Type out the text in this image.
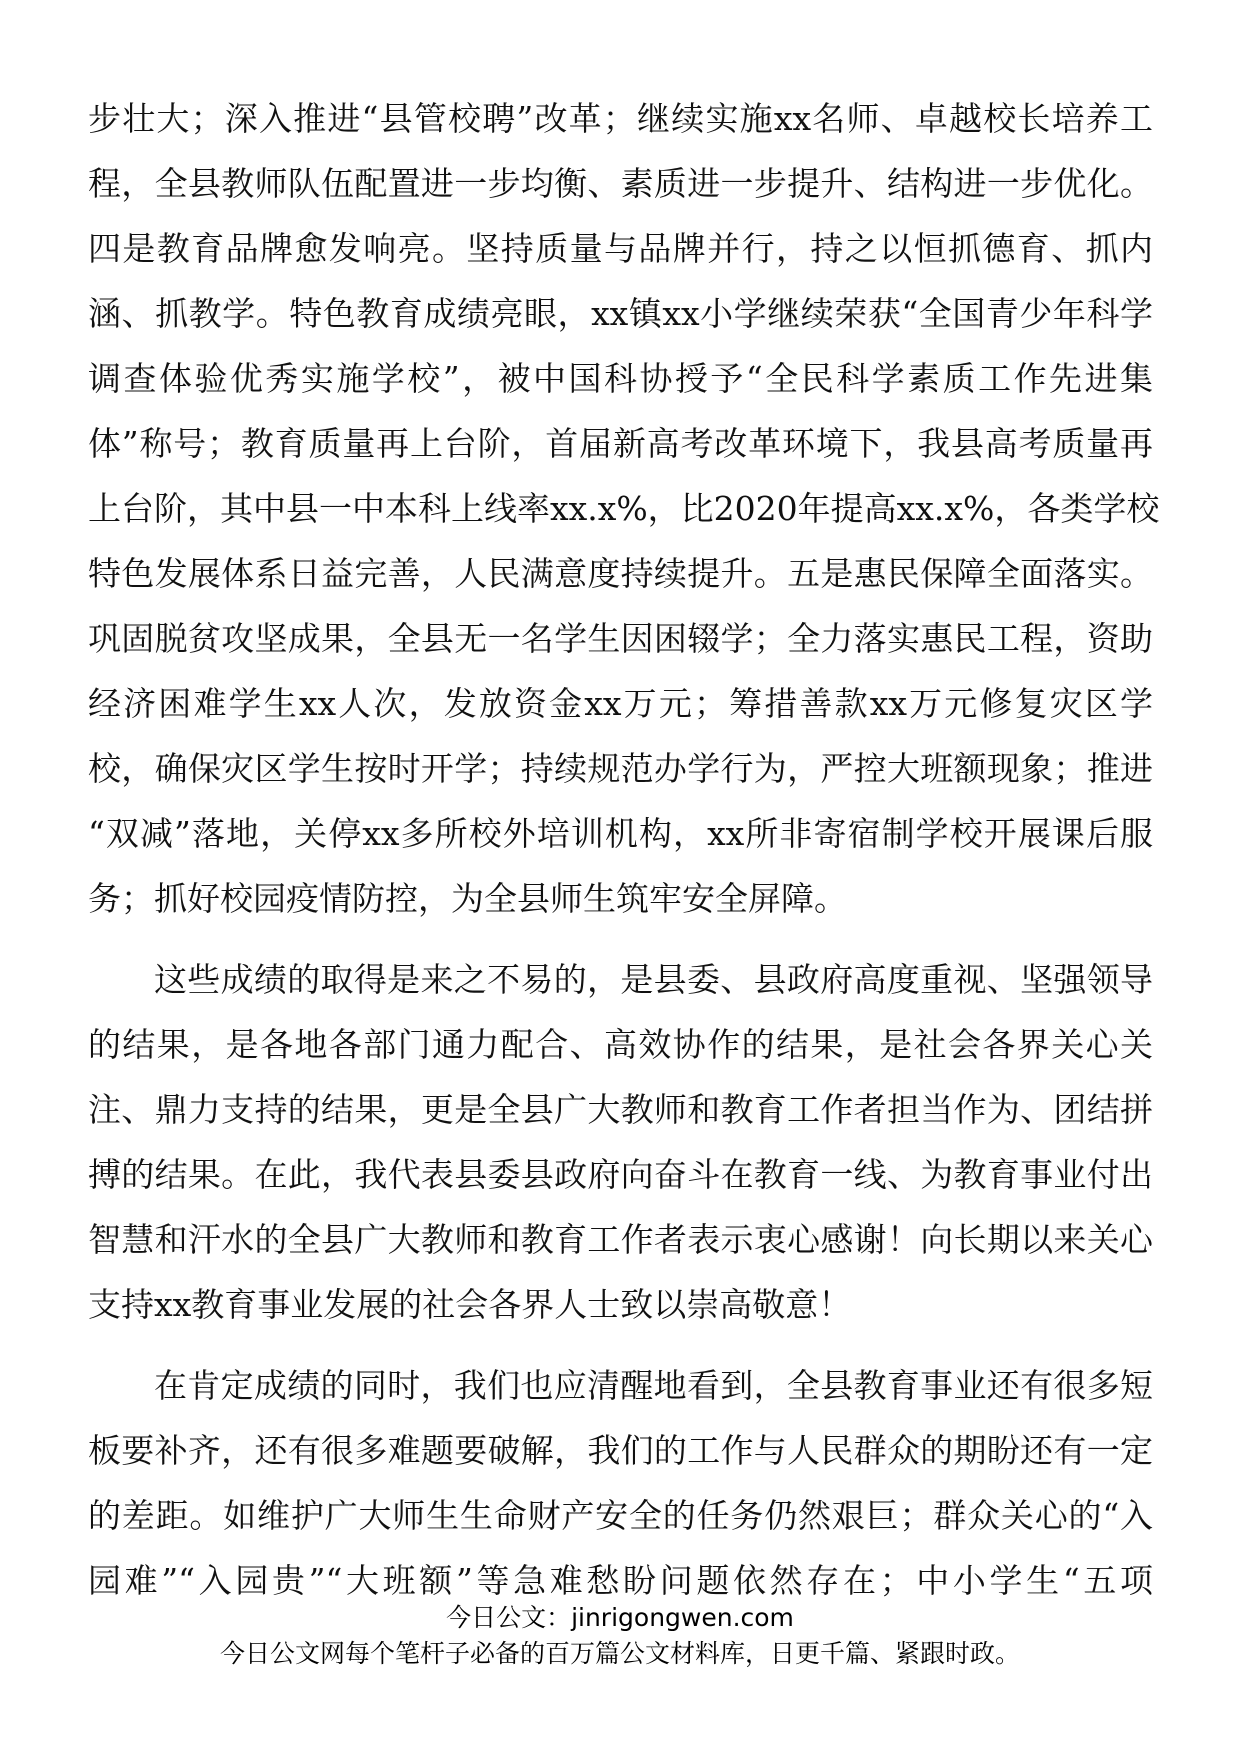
步壮大；深入推进“县管校聘”改革；继续实施xx名师、卓越校长培养工
程，全县教师队伍配置进一步均衡、素质进一步提升、结构进一步优化。
四是教育品牌愈发响亮。坚持质量与品牌并行，持之以恒抓德育、抓内
涵、抓教学。特色教育成绩亮眼，xx镇xx小学继续荣获“全国青少年科学
调查体验优秀实施学校”，被中国科协授予“全民科学素质工作先进集
体”称号；教育质量再上台阶，首届新高考改革环境下，我县高考质量再
上台阶，其中县一中本科上线率xx.x%，比2020年提高xx.x%，各类学校
特色发展体系日益完善，人民满意度持续提升。五是惠民保障全面落实。
巩固脱贫攻坚成果，全县无一名学生因困辍学；全力落实惠民工程，资助
经济困难学生xx人次，发放资金xx万元；筹措善款xx万元修复灾区学
校，确保灾区学生按时开学；持续规范办学行为，严控大班额现象；推进
“双减”落地，关停xx多所校外培训机构，xx所非寄宿制学校开展课后服
务；抓好校园疫情防控，为全县师生筑牢安全屏障。
这些成绩的取得是来之不易的，是县委、县政府高度重视、坚强领导
的结果，是各地各部门通力配合、高效协作的结果，是社会各界关心关
注、鼎力支持的结果，更是全县广大教师和教育工作者担当作为、团结拼
搏的结果。在此，我代表县委县政府向奋斗在教育一线、为教育事业付出
智慧和汗水的全县广大教师和教育工作者表示衷心感谢！向长期以来关心
支持xx教育事业发展的社会各界人士致以崇高敬意！
在肯定成绩的同时，我们也应清醒地看到，全县教育事业还有很多短
板要补齐，还有很多难题要破解，我们的工作与人民群众的期盼还有一定
的差距。如维护广大师生生命财产安全的任务仍然艰巨；群众关心的“入
园难”“入园贵”“大班额”等急难愁盼问题依然存在；中小学生“五项
今日公文：jinrigongwen.com
今日公文网每个笔杆子必备的百万篇公文材料库，日更千篇、紧跟时政。
